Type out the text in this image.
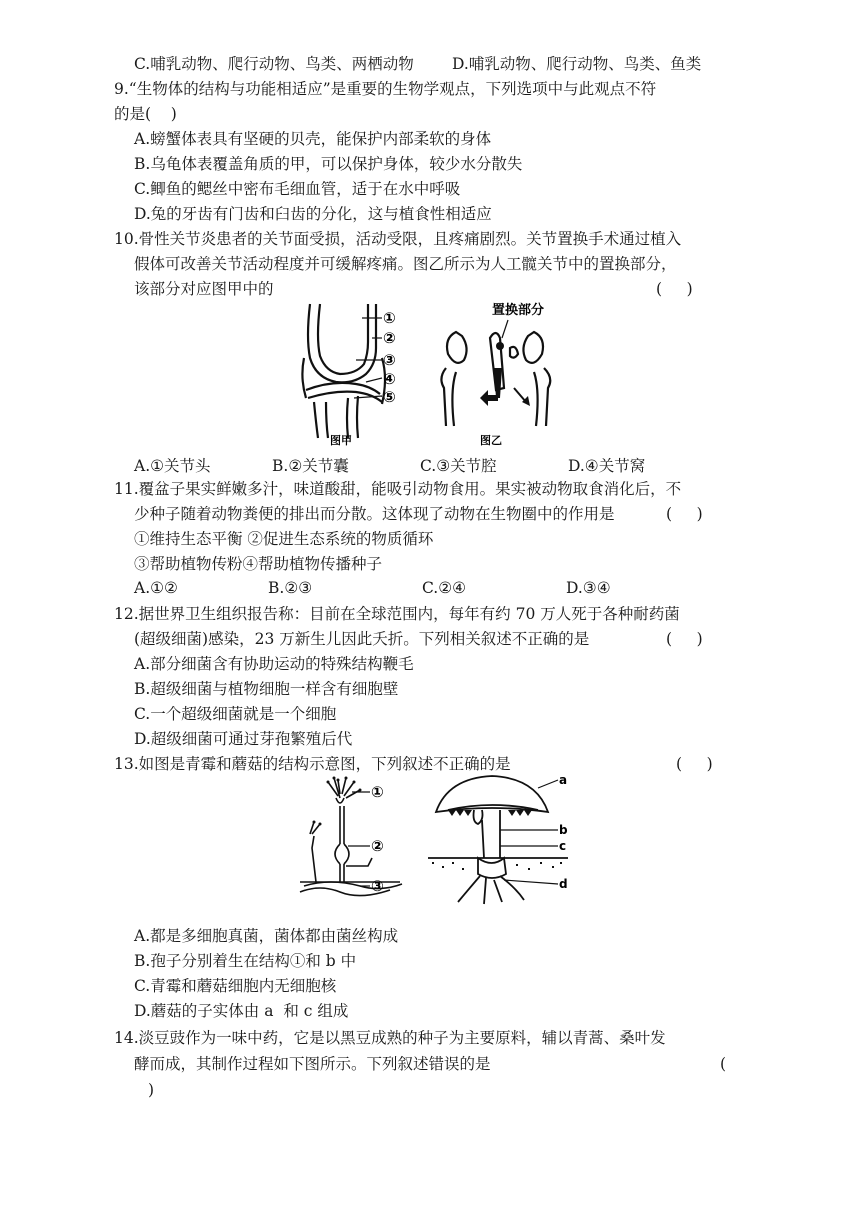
C.哺乳动物、爬行动物、鸟类、两栖动物 D.哺乳动物、爬行动物、鸟类、鱼类
9.“生物体的结构与功能相适应”是重要的生物学观点，下列选项中与此观点不符
的是(    )
A.螃蟹体表具有坚硬的贝壳，能保护内部柔软的身体
B.乌龟体表覆盖角质的甲，可以保护身体，较少水分散失
C.鲫鱼的鳃丝中密布毛细血管，适于在水中呼吸
D.兔的牙齿有门齿和臼齿的分化，这与植食性相适应
10.骨性关节炎患者的关节面受损，活动受限，且疼痛剧烈。关节置换手术通过植入
假体可改善关节活动程度并可缓解疼痛。图乙所示为人工髋关节中的置换部分，
该部分对应图甲中的	(     )
①
②
③
④
⑤
图甲
置换部分
图乙
A.①关节头	B.②关节囊	C.③关节腔	D.④关节窝
11.覆盆子果实鲜嫩多汁，味道酸甜，能吸引动物食用。果实被动物取食消化后，不
少种子随着动物粪便的排出而分散。这体现了动物在生物圈中的作用是	(     )
①维持生态平衡 ②促进生态系统的物质循环
③帮助植物传粉④帮助植物传播种子
A.①②	B.②③	C.②④	D.③④
12.据世界卫生组织报告称：目前在全球范围内，每年有约 70 万人死于各种耐药菌
(超级细菌)感染，23 万新生儿因此夭折。下列相关叙述不正确的是	(     )
A.部分细菌含有协助运动的特殊结构鞭毛
B.超级细菌与植物细胞一样含有细胞壁
C.一个超级细菌就是一个细胞
D.超级细菌可通过芽孢繁殖后代
13.如图是青霉和蘑菇的结构示意图，下列叙述不正确的是	(     )
①
②
③
a
b
c
d
A.都是多细胞真菌，菌体都由菌丝构成
B.孢子分别着生在结构①和 b 中
C.青霉和蘑菇细胞内无细胞核
D.蘑菇的子实体由 a  和 c 组成
14.淡豆豉作为一味中药，它是以黑豆成熟的种子为主要原料，辅以青蒿、桑叶发
酵而成，其制作过程如下图所示。下列叙述错误的是	(
)
